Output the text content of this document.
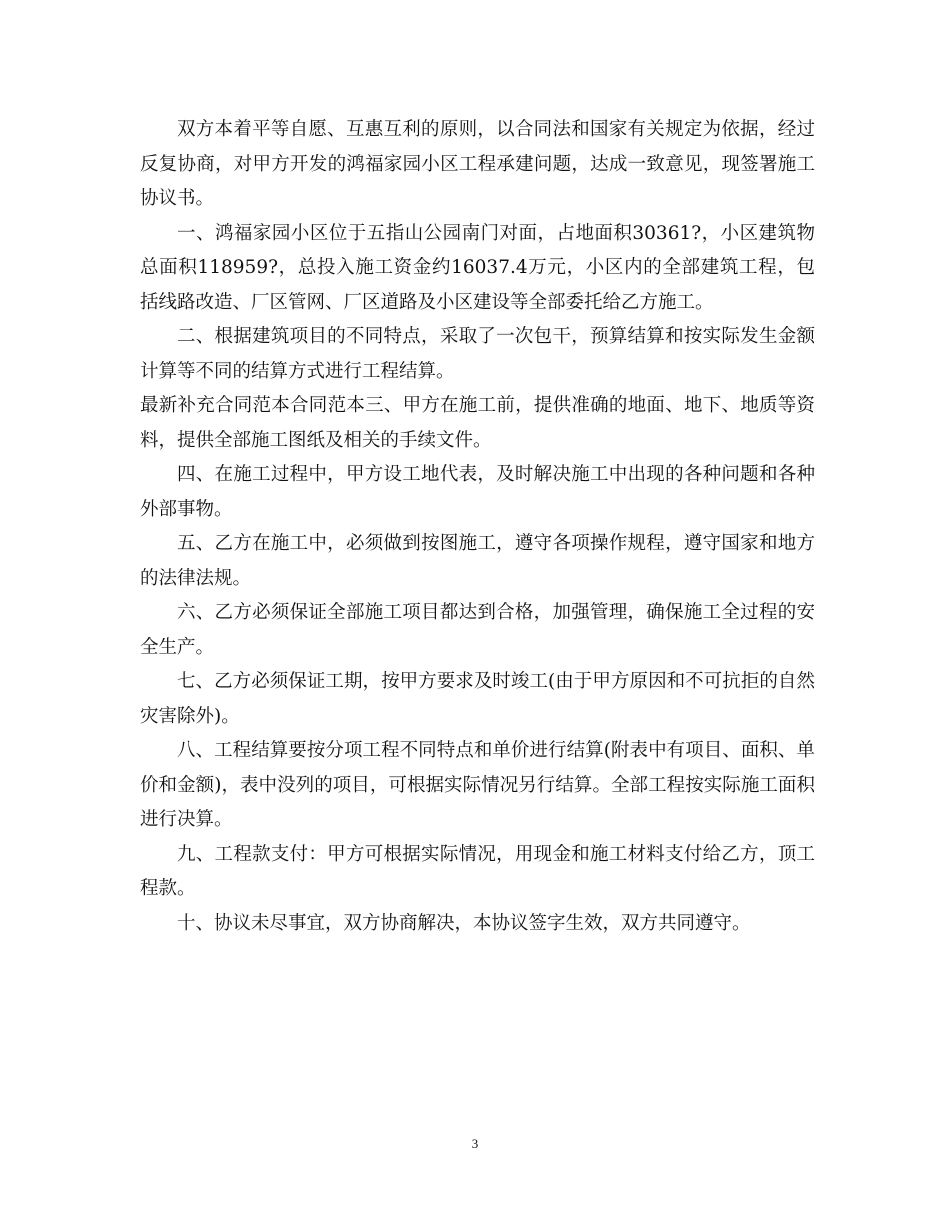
双方本着平等自愿、互惠互利的原则，以合同法和国家有关规定为依据，经过反复协商，对甲方开发的鸿福家园小区工程承建问题，达成一致意见，现签署施工协议书。

一、鸿福家园小区位于五指山公园南门对面，占地面积30361?，小区建筑物总面积118959?，总投入施工资金约16037.4万元，小区内的全部建筑工程，包括线路改造、厂区管网、厂区道路及小区建设等全部委托给乙方施工。

二、根据建筑项目的不同特点，采取了一次包干，预算结算和按实际发生金额计算等不同的结算方式进行工程结算。

最新补充合同范本合同范本三、甲方在施工前，提供准确的地面、地下、地质等资料，提供全部施工图纸及相关的手续文件。

四、在施工过程中，甲方设工地代表，及时解决施工中出现的各种问题和各种外部事物。

五、乙方在施工中，必须做到按图施工，遵守各项操作规程，遵守国家和地方的法律法规。

六、乙方必须保证全部施工项目都达到合格，加强管理，确保施工全过程的安全生产。

七、乙方必须保证工期，按甲方要求及时竣工(由于甲方原因和不可抗拒的自然灾害除外)。

八、工程结算要按分项工程不同特点和单价进行结算(附表中有项目、面积、单价和金额)，表中没列的项目，可根据实际情况另行结算。全部工程按实际施工面积进行决算。

九、工程款支付：甲方可根据实际情况，用现金和施工材料支付给乙方，顶工程款。

十、协议未尽事宜，双方协商解决，本协议签字生效，双方共同遵守。

3
